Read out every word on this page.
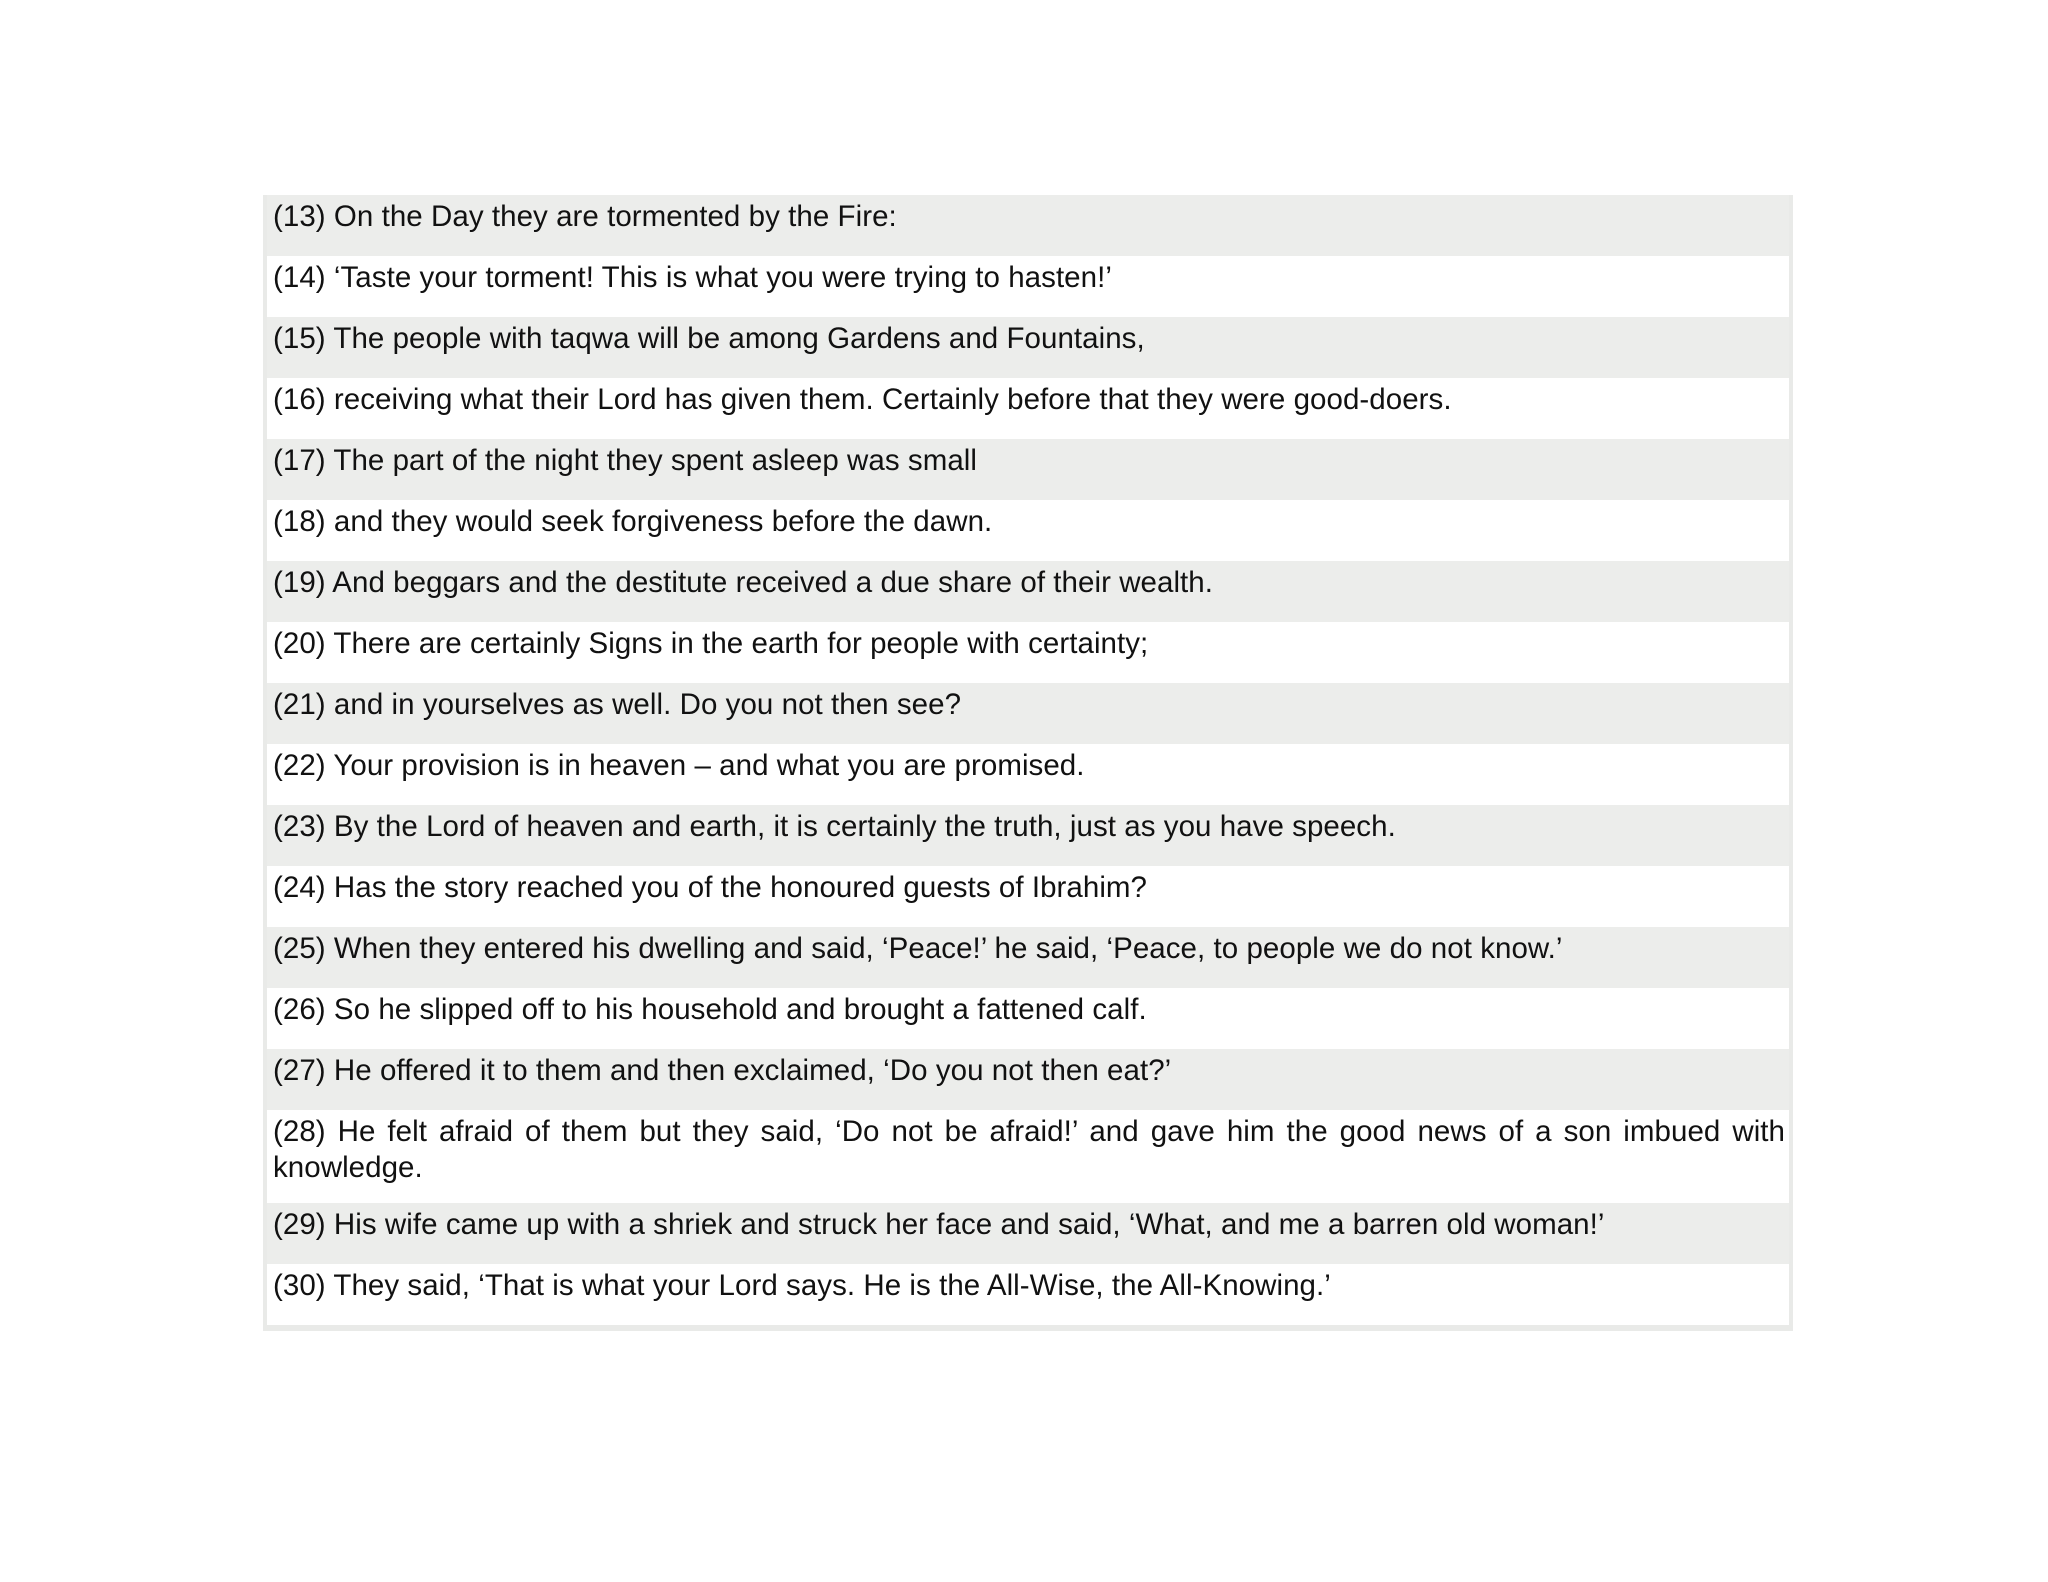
(13) On the Day they are tormented by the Fire:
(14) ‘Taste your torment! This is what you were trying to hasten!’
(15) The people with taqwa will be among Gardens and Fountains,
(16) receiving what their Lord has given them. Certainly before that they were good-doers.
(17) The part of the night they spent asleep was small
(18) and they would seek forgiveness before the dawn.
(19) And beggars and the destitute received a due share of their wealth.
(20) There are certainly Signs in the earth for people with certainty;
(21) and in yourselves as well. Do you not then see?
(22) Your provision is in heaven – and what you are promised.
(23) By the Lord of heaven and earth, it is certainly the truth, just as you have speech.
(24) Has the story reached you of the honoured guests of Ibrahim?
(25) When they entered his dwelling and said, ‘Peace!’ he said, ‘Peace, to people we do not know.’
(26) So he slipped off to his household and brought a fattened calf.
(27) He offered it to them and then exclaimed, ‘Do you not then eat?’
(28) He felt afraid of them but they said, ‘Do not be afraid!’ and gave him the good news of a son imbued with knowledge.
(29) His wife came up with a shriek and struck her face and said, ‘What, and me a barren old woman!’
(30) They said, ‘That is what your Lord says. He is the All-Wise, the All-Knowing.’
